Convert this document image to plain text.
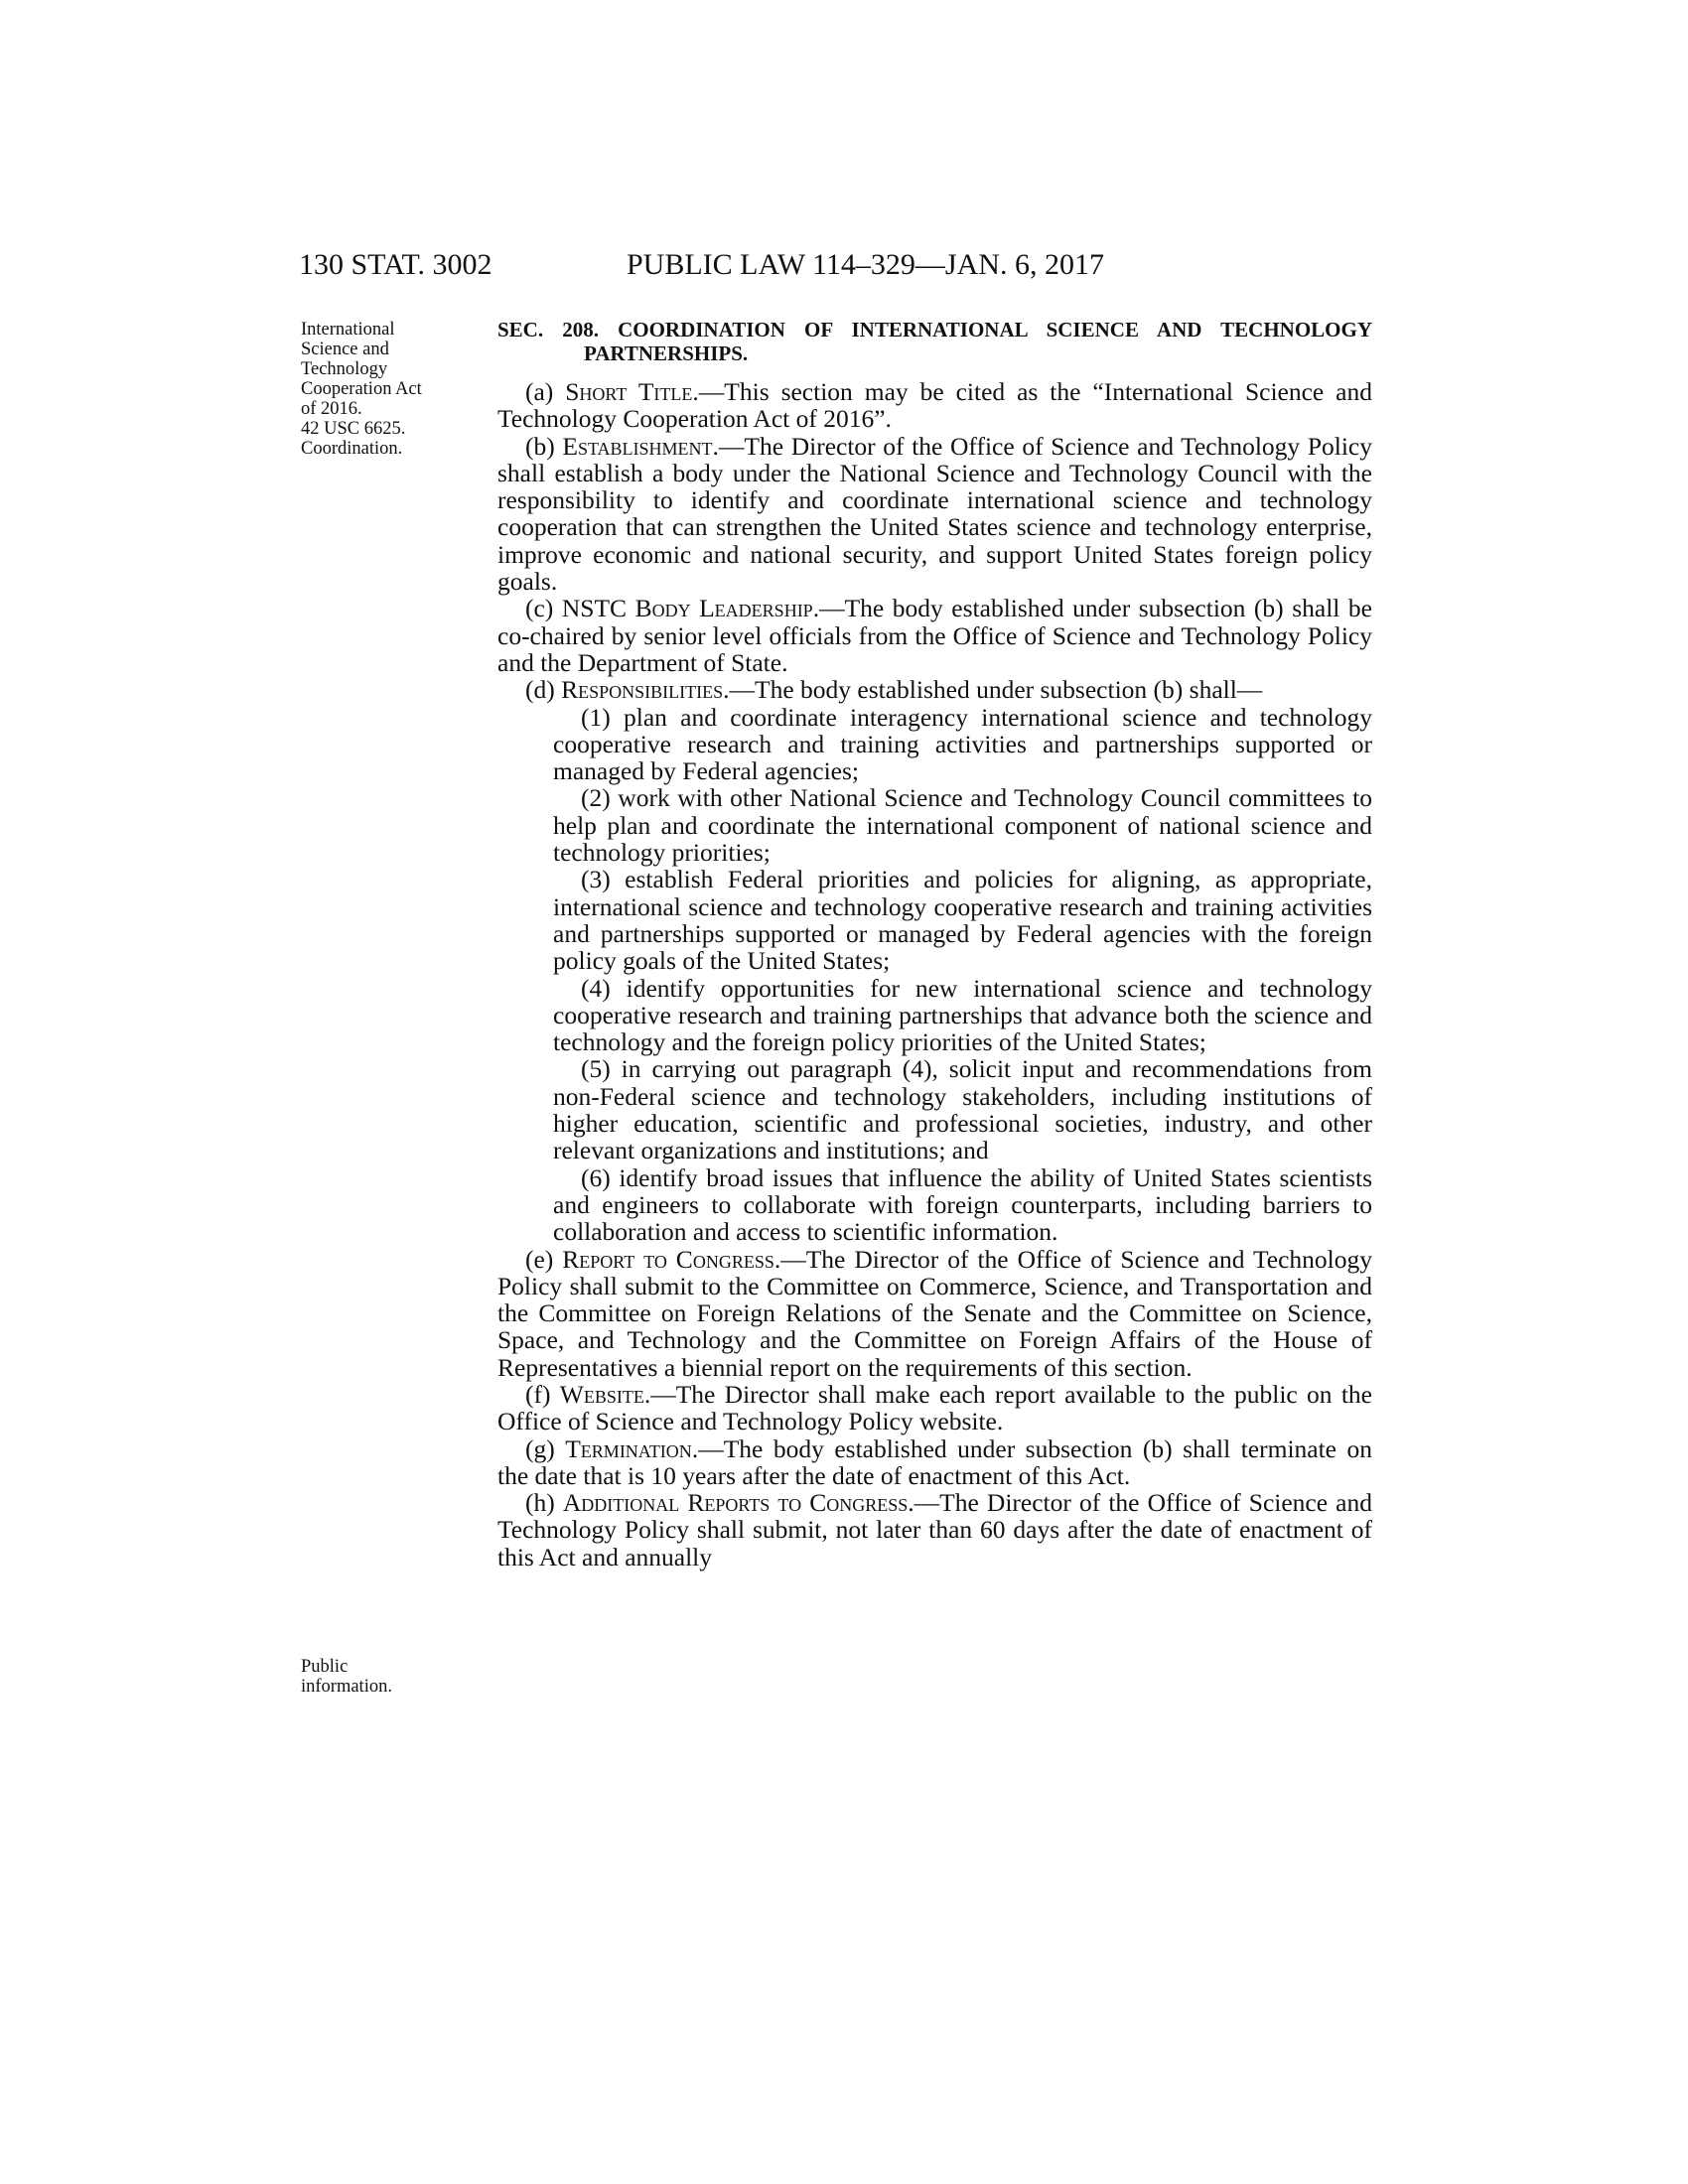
130 STAT. 3002	PUBLIC LAW 114–329—JAN. 6, 2017
International
Science and
Technology
Cooperation Act
of 2016.
42 USC 6625.
Coordination.
Public
information.

SEC. 208. COORDINATION OF INTERNATIONAL SCIENCE AND TECHNOLOGY PARTNERSHIPS.

(a) Short Title.—This section may be cited as the “International Science and Technology Cooperation Act of 2016”.

(b) Establishment.—The Director of the Office of Science and Technology Policy shall establish a body under the National Science and Technology Council with the responsibility to identify and coordinate international science and technology cooperation that can strengthen the United States science and technology enterprise, improve economic and national security, and support United States foreign policy goals.

(c) NSTC Body Leadership.—The body established under subsection (b) shall be co-chaired by senior level officials from the Office of Science and Technology Policy and the Department of State.

(d) Responsibilities.—The body established under subsection (b) shall—

(1) plan and coordinate interagency international science and technology cooperative research and training activities and partnerships supported or managed by Federal agencies;

(2) work with other National Science and Technology Council committees to help plan and coordinate the international component of national science and technology priorities;

(3) establish Federal priorities and policies for aligning, as appropriate, international science and technology cooperative research and training activities and partnerships supported or managed by Federal agencies with the foreign policy goals of the United States;

(4) identify opportunities for new international science and technology cooperative research and training partnerships that advance both the science and technology and the foreign policy priorities of the United States;

(5) in carrying out paragraph (4), solicit input and recommendations from non-Federal science and technology stakeholders, including institutions of higher education, scientific and professional societies, industry, and other relevant organizations and institutions; and

(6) identify broad issues that influence the ability of United States scientists and engineers to collaborate with foreign counterparts, including barriers to collaboration and access to scientific information.

(e) Report to Congress.—The Director of the Office of Science and Technology Policy shall submit to the Committee on Commerce, Science, and Transportation and the Committee on Foreign Relations of the Senate and the Committee on Science, Space, and Technology and the Committee on Foreign Affairs of the House of Representatives a biennial report on the requirements of this section.

(f) Website.—The Director shall make each report available to the public on the Office of Science and Technology Policy website.

(g) Termination.—The body established under subsection (b) shall terminate on the date that is 10 years after the date of enactment of this Act.

(h) Additional Reports to Congress.—The Director of the Office of Science and Technology Policy shall submit, not later than 60 days after the date of enactment of this Act and annually
